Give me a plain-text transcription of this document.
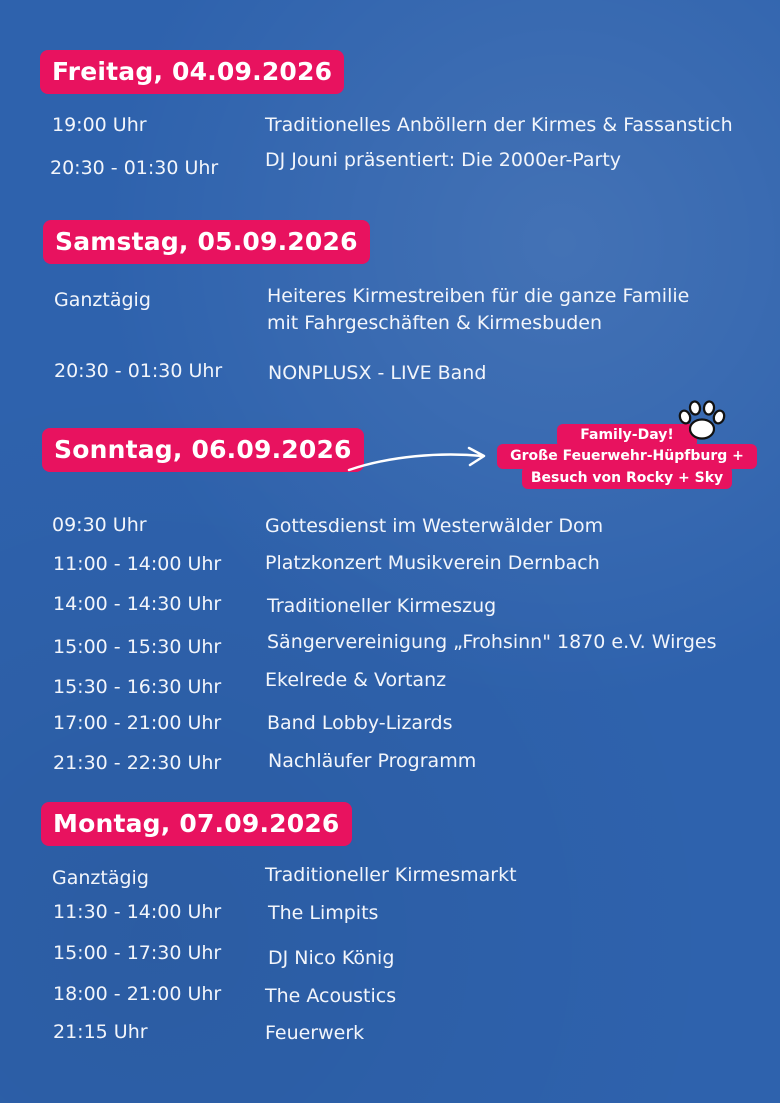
Freitag, 04.09.2026
19:00 Uhr	Traditionelles Anböllern der Kirmes & Fassanstich
20:30 - 01:30 Uhr DJ Jouni präsentiert: Die 2000er-Party
Samstag, 05.09.2026
Ganztägig	Heiteres Kirmestreiben für die ganze Familie
mit Fahrgeschäften & Kirmesbuden
20:30 - 01:30 Uhr NONPLUSX - LIVE Band
Sonntag, 06.09.2026	Family-Day!
Große Feuerwehr-Hüpfburg +
Besuch von Rocky + Sky
09:30 Uhr	Gottesdienst im Westerwälder Dom
11:00 - 14:00 Uhr Platzkonzert Musikverein Dernbach
14:00 - 14:30 Uhr Traditioneller Kirmeszug
15:00 - 15:30 Uhr Sängervereinigung „Frohsinn" 1870 e.V. Wirges
15:30 - 16:30 Uhr Ekelrede & Vortanz
17:00 - 21:00 Uhr Band Lobby-Lizards
21:30 - 22:30 Uhr Nachläufer Programm
Montag, 07.09.2026
Ganztägig	Traditioneller Kirmesmarkt
11:30 - 14:00 Uhr The Limpits
15:00 - 17:30 Uhr DJ Nico König
18:00 - 21:00 Uhr The Acoustics
21:15 Uhr	Feuerwerk
